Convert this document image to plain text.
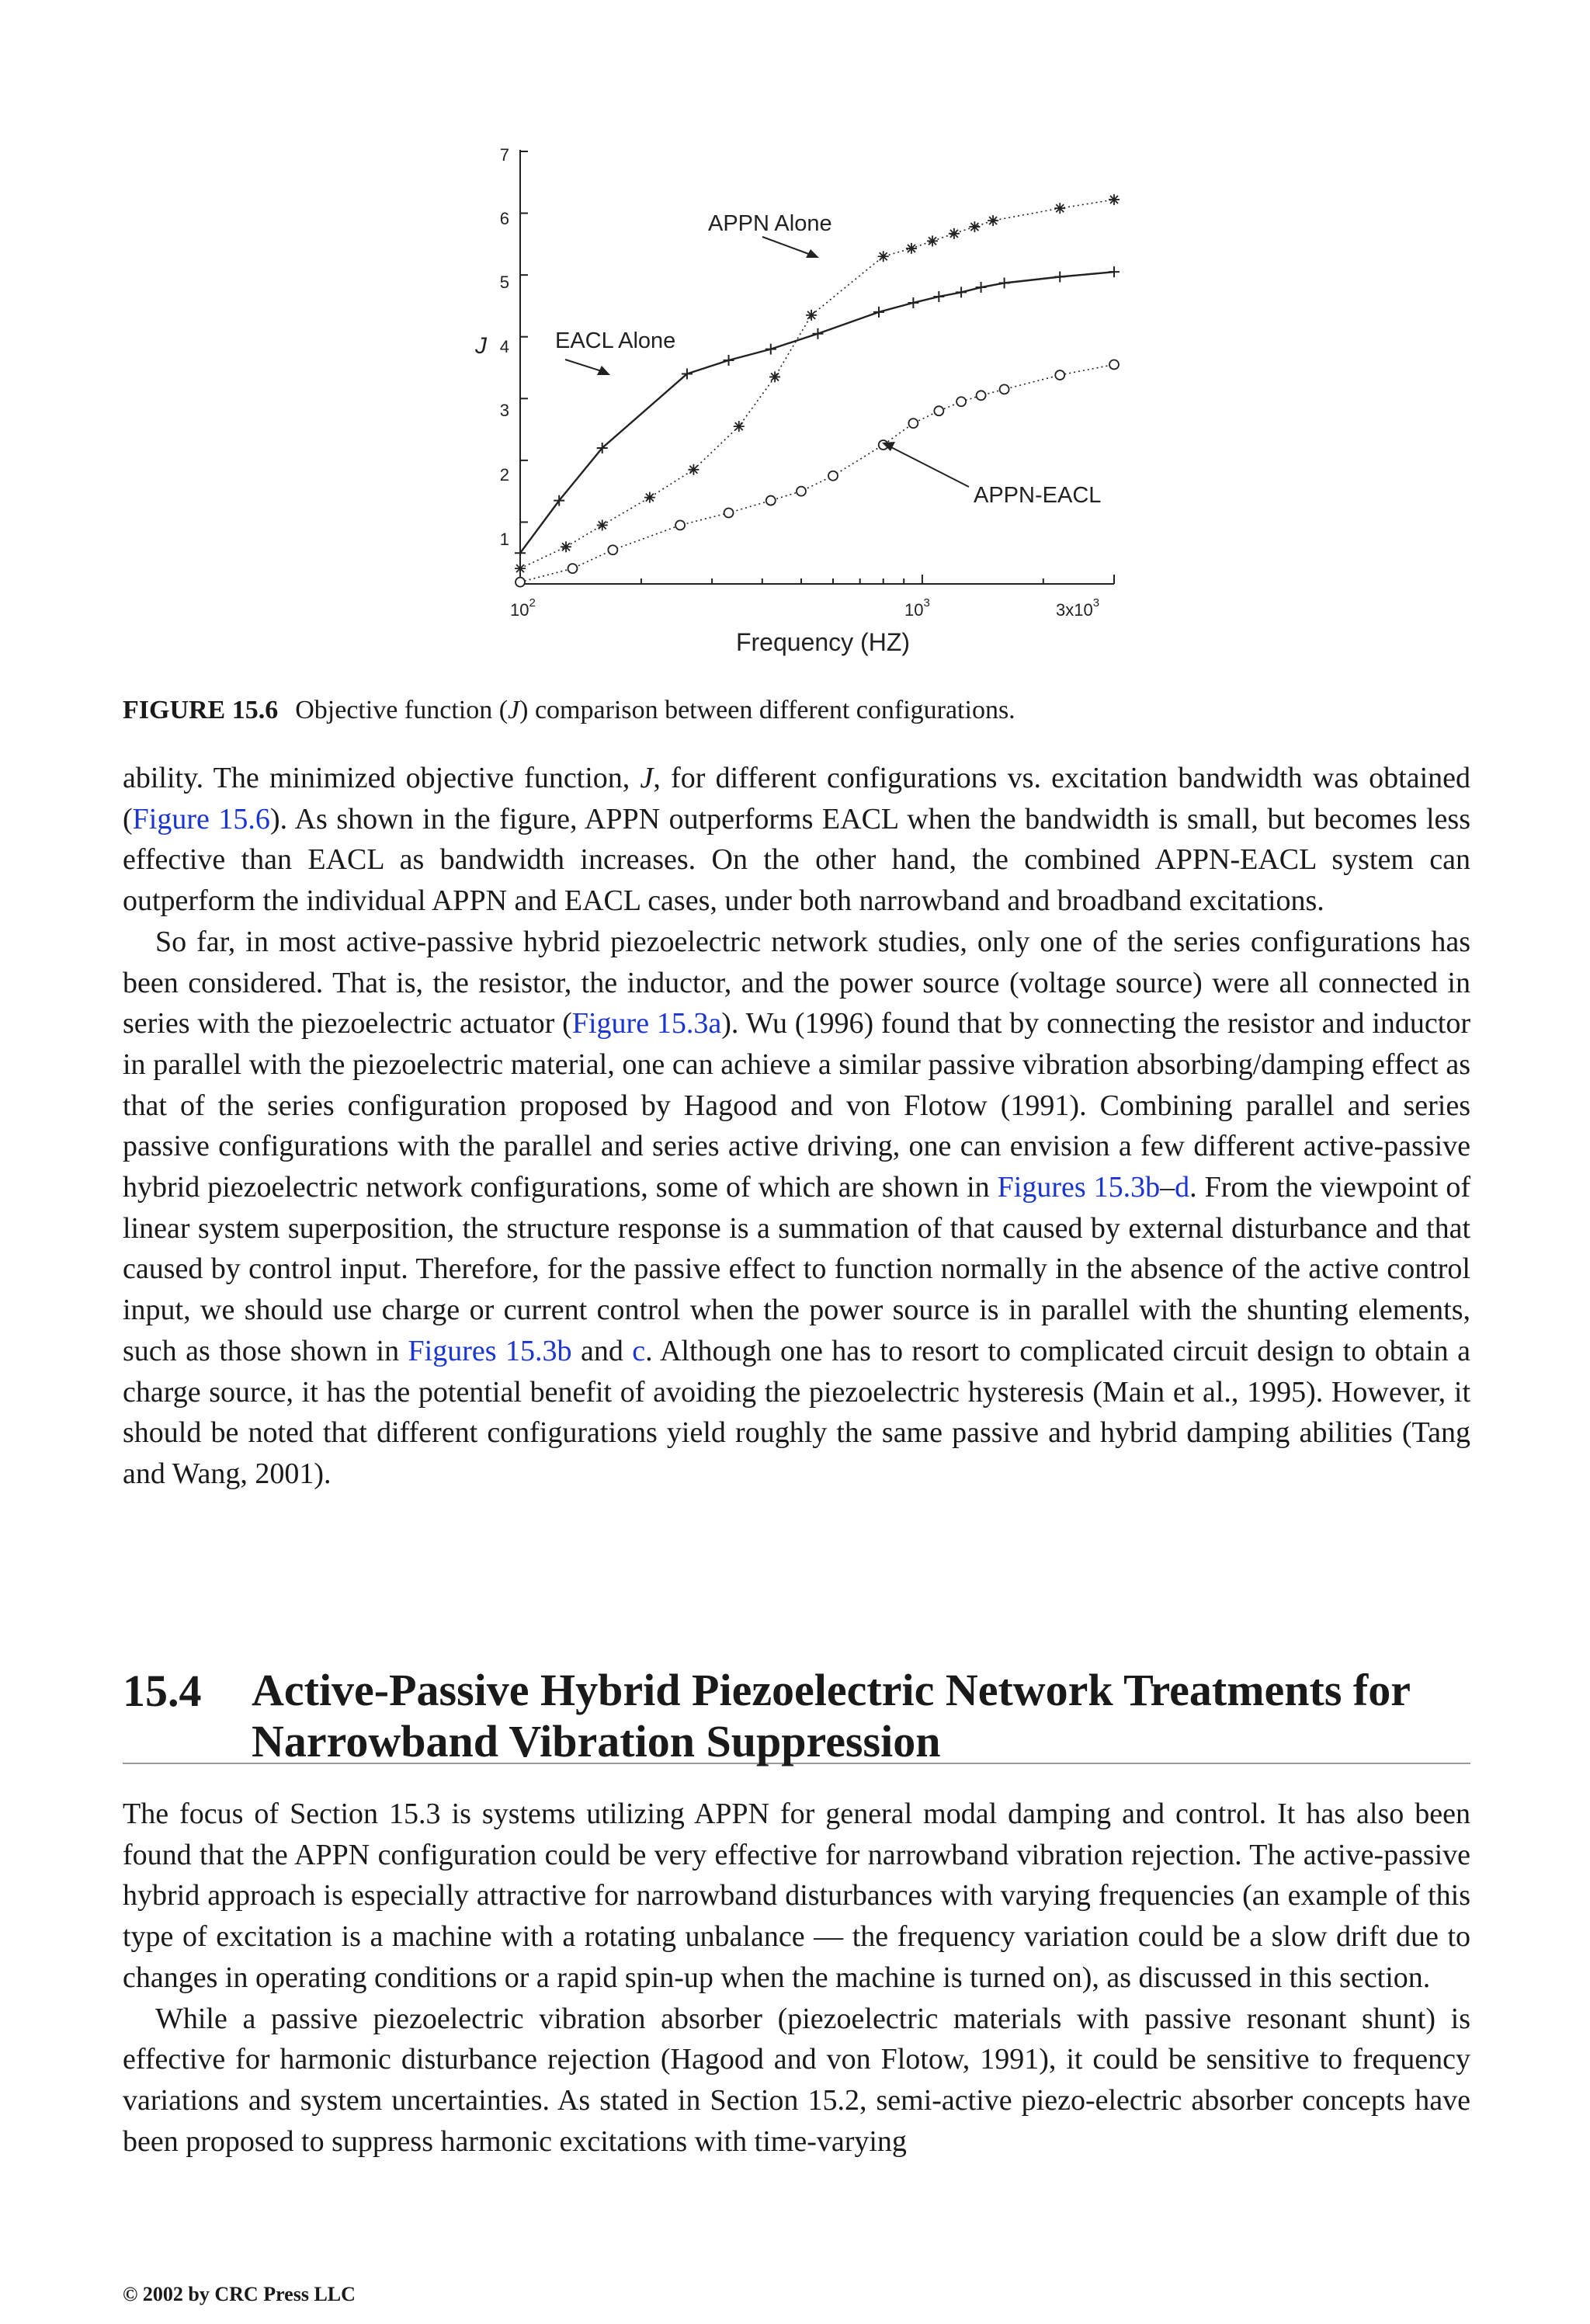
1
2
3
4
5
6
7
J
$10^2$	$10^3$	$3x10^3$
Frequency (HZ)
APPN Alone
EACL Alone
APPN-EACL
FIGURE 15.6 Objective function (J) comparison between different configurations.

ability. The minimized objective function, J, for different configurations vs. excitation bandwidth was obtained (Figure 15.6). As shown in the figure, APPN outperforms EACL when the bandwidth is small, but becomes less effective than EACL as bandwidth increases. On the other hand, the combined APPN-EACL system can outperform the individual APPN and EACL cases, under both narrowband and broadband excitations.

So far, in most active-passive hybrid piezoelectric network studies, only one of the series configurations has been considered. That is, the resistor, the inductor, and the power source (voltage source) were all connected in series with the piezoelectric actuator (Figure 15.3a). Wu (1996) found that by connecting the resistor and inductor in parallel with the piezoelectric material, one can achieve a similar passive vibration absorbing/damping effect as that of the series configuration proposed by Hagood and von Flotow (1991). Combining parallel and series passive configurations with the parallel and series active driving, one can envision a few different active-passive hybrid piezoelectric network configurations, some of which are shown in Figures 15.3b–d. From the viewpoint of linear system superposition, the structure response is a summation of that caused by external disturbance and that caused by control input. Therefore, for the passive effect to function normally in the absence of the active control input, we should use charge or current control when the power source is in parallel with the shunting elements, such as those shown in Figures 15.3b and c. Although one has to resort to complicated circuit design to obtain a charge source, it has the potential benefit of avoiding the piezoelectric hysteresis (Main et al., 1995). However, it should be noted that different configurations yield roughly the same passive and hybrid damping abilities (Tang and Wang, 2001).

15.4 Active-Passive Hybrid Piezoelectric Network Treatments for Narrowband Vibration Suppression

The focus of Section 15.3 is systems utilizing APPN for general modal damping and control. It has also been found that the APPN configuration could be very effective for narrowband vibration rejection. The active-passive hybrid approach is especially attractive for narrowband disturbances with varying frequencies (an example of this type of excitation is a machine with a rotating unbalance — the frequency variation could be a slow drift due to changes in operating conditions or a rapid spin-up when the machine is turned on), as discussed in this section.

While a passive piezoelectric vibration absorber (piezoelectric materials with passive resonant shunt) is effective for harmonic disturbance rejection (Hagood and von Flotow, 1991), it could be sensitive to frequency variations and system uncertainties. As stated in Section 15.2, semi-active piezo-electric absorber concepts have been proposed to suppress harmonic excitations with time-varying

© 2002 by CRC Press LLC
